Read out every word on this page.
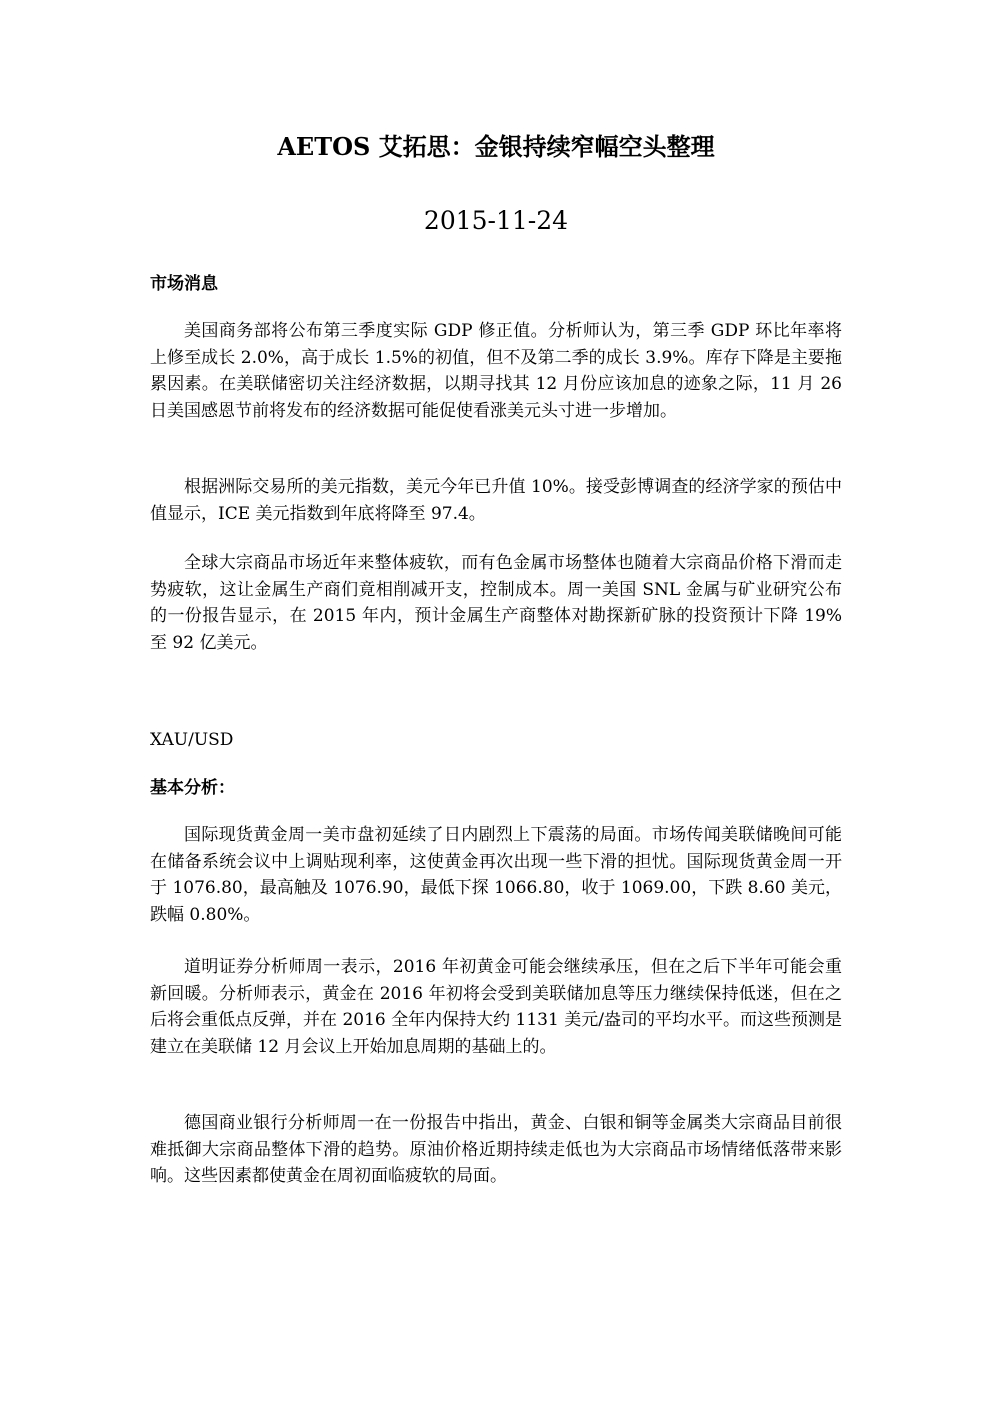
AETOS 艾拓思：金银持续窄幅空头整理
2015-11-24
市场消息

美国商务部将公布第三季度实际 GDP 修正值。分析师认为，第三季 GDP 环比年率将上修至成长 2.0%，高于成长 1.5%的初值，但不及第二季的成长 3.9%。库存下降是主要拖累因素。在美联储密切关注经济数据，以期寻找其 12 月份应该加息的迹象之际，11 月 26 日美国感恩节前将发布的经济数据可能促使看涨美元头寸进一步增加。

根据洲际交易所的美元指数，美元今年已升值 10%。接受彭博调查的经济学家的预估中值显示，ICE 美元指数到年底将降至 97.4。

全球大宗商品市场近年来整体疲软，而有色金属市场整体也随着大宗商品价格下滑而走势疲软，这让金属生产商们竟相削减开支，控制成本。周一美国 SNL 金属与矿业研究公布的一份报告显示，在 2015 年内，预计金属生产商整体对勘探新矿脉的投资预计下降 19%至 92 亿美元。

XAU/USD
基本分析：

国际现货黄金周一美市盘初延续了日内剧烈上下震荡的局面。市场传闻美联储晚间可能在储备系统会议中上调贴现利率，这使黄金再次出现一些下滑的担忧。国际现货黄金周一开于 1076.80，最高触及 1076.90，最低下探 1066.80，收于 1069.00，下跌 8.60 美元，跌幅 0.80%。

道明证券分析师周一表示，2016 年初黄金可能会继续承压，但在之后下半年可能会重新回暖。分析师表示，黄金在 2016 年初将会受到美联储加息等压力继续保持低迷，但在之后将会重低点反弹，并在 2016 全年内保持大约 1131 美元/盎司的平均水平。而这些预测是建立在美联储 12 月会议上开始加息周期的基础上的。

德国商业银行分析师周一在一份报告中指出，黄金、白银和铜等金属类大宗商品目前很难抵御大宗商品整体下滑的趋势。原油价格近期持续走低也为大宗商品市场情绪低落带来影响。这些因素都使黄金在周初面临疲软的局面。
